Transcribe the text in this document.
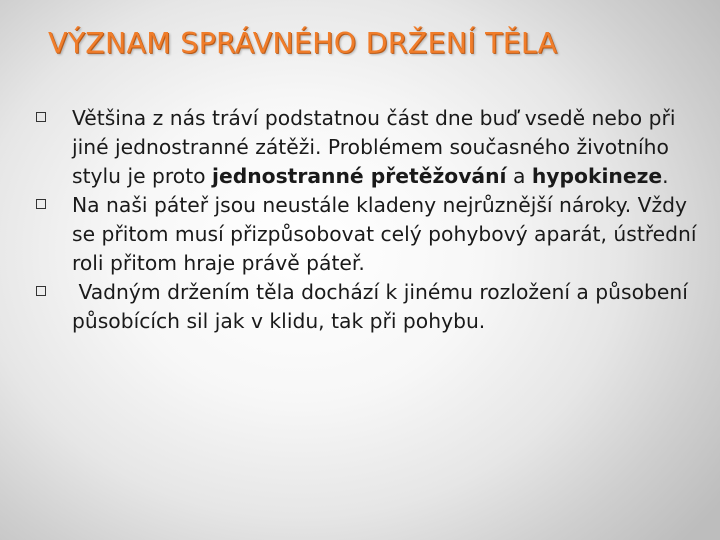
VÝZNAM SPRÁVNÉHO DRŽENÍ TĚLA
Většina z nás tráví podstatnou část dne buď vsedě nebo při jiné jednostranné zátěži. Problémem současného životního stylu je proto jednostranné přetěžování a hypokineze.
Na naši páteř jsou neustále kladeny nejrůznější nároky. Vždy se přitom musí přizpůsobovat celý pohybový aparát, ústřední roli přitom hraje právě páteř.
Vadným držením těla dochází k jinému rozložení a působení působících sil jak v klidu, tak při pohybu.
